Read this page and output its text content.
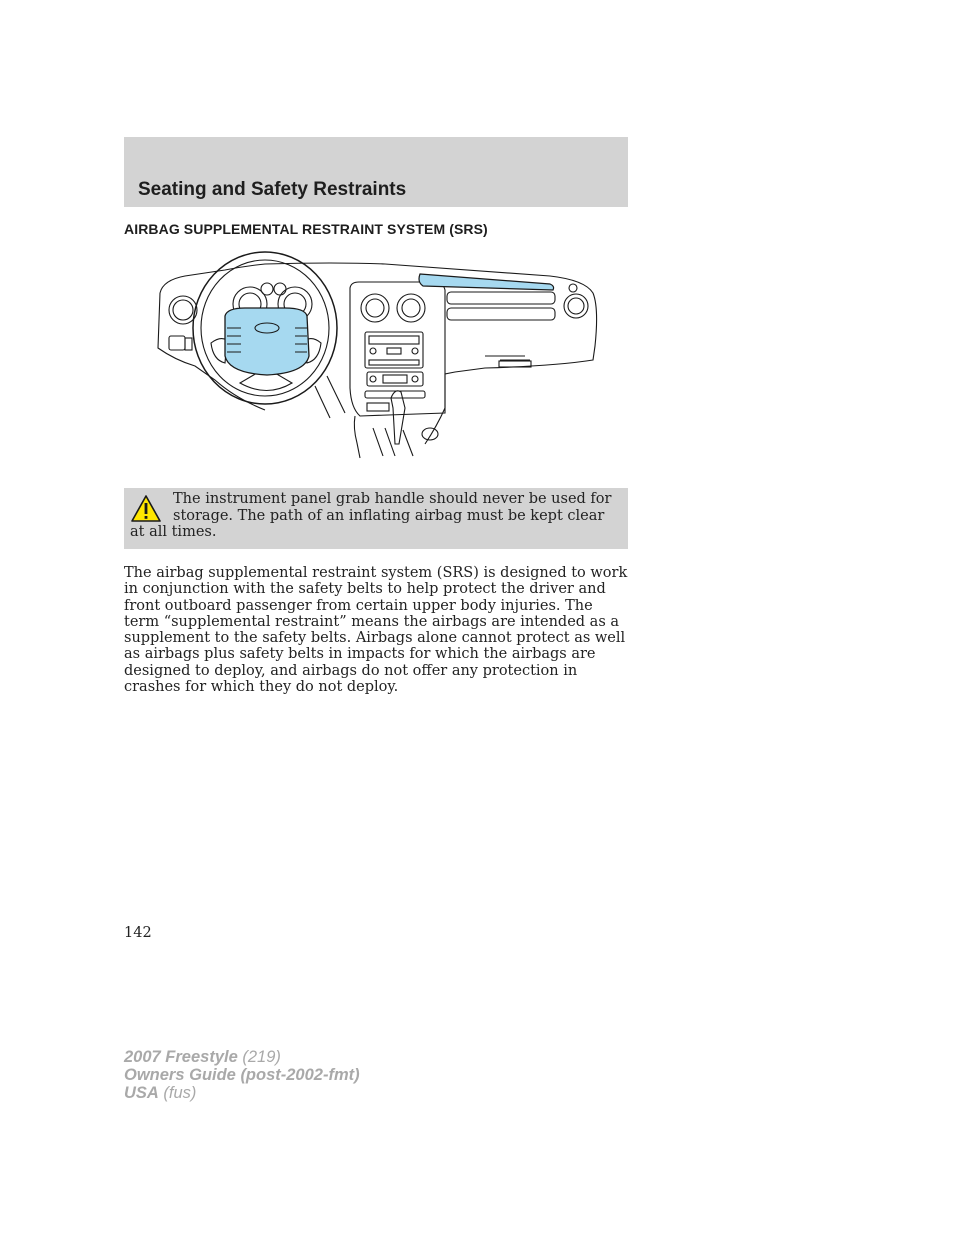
Seating and Safety Restraints
AIRBAG SUPPLEMENTAL RESTRAINT SYSTEM (SRS)

The instrument panel grab handle should never be used for storage. The path of an inflating airbag must be kept clear at all times.

The airbag supplemental restraint system (SRS) is designed to work in conjunction with the safety belts to help protect the driver and front outboard passenger from certain upper body injuries. The term “supplemental restraint” means the airbags are intended as a supplement to the safety belts. Airbags alone cannot protect as well as airbags plus safety belts in impacts for which the airbags are designed to deploy, and airbags do not offer any protection in crashes for which they do not deploy.

142

2007 Freestyle (219)
Owners Guide (post-2002-fmt)
USA (fus)
